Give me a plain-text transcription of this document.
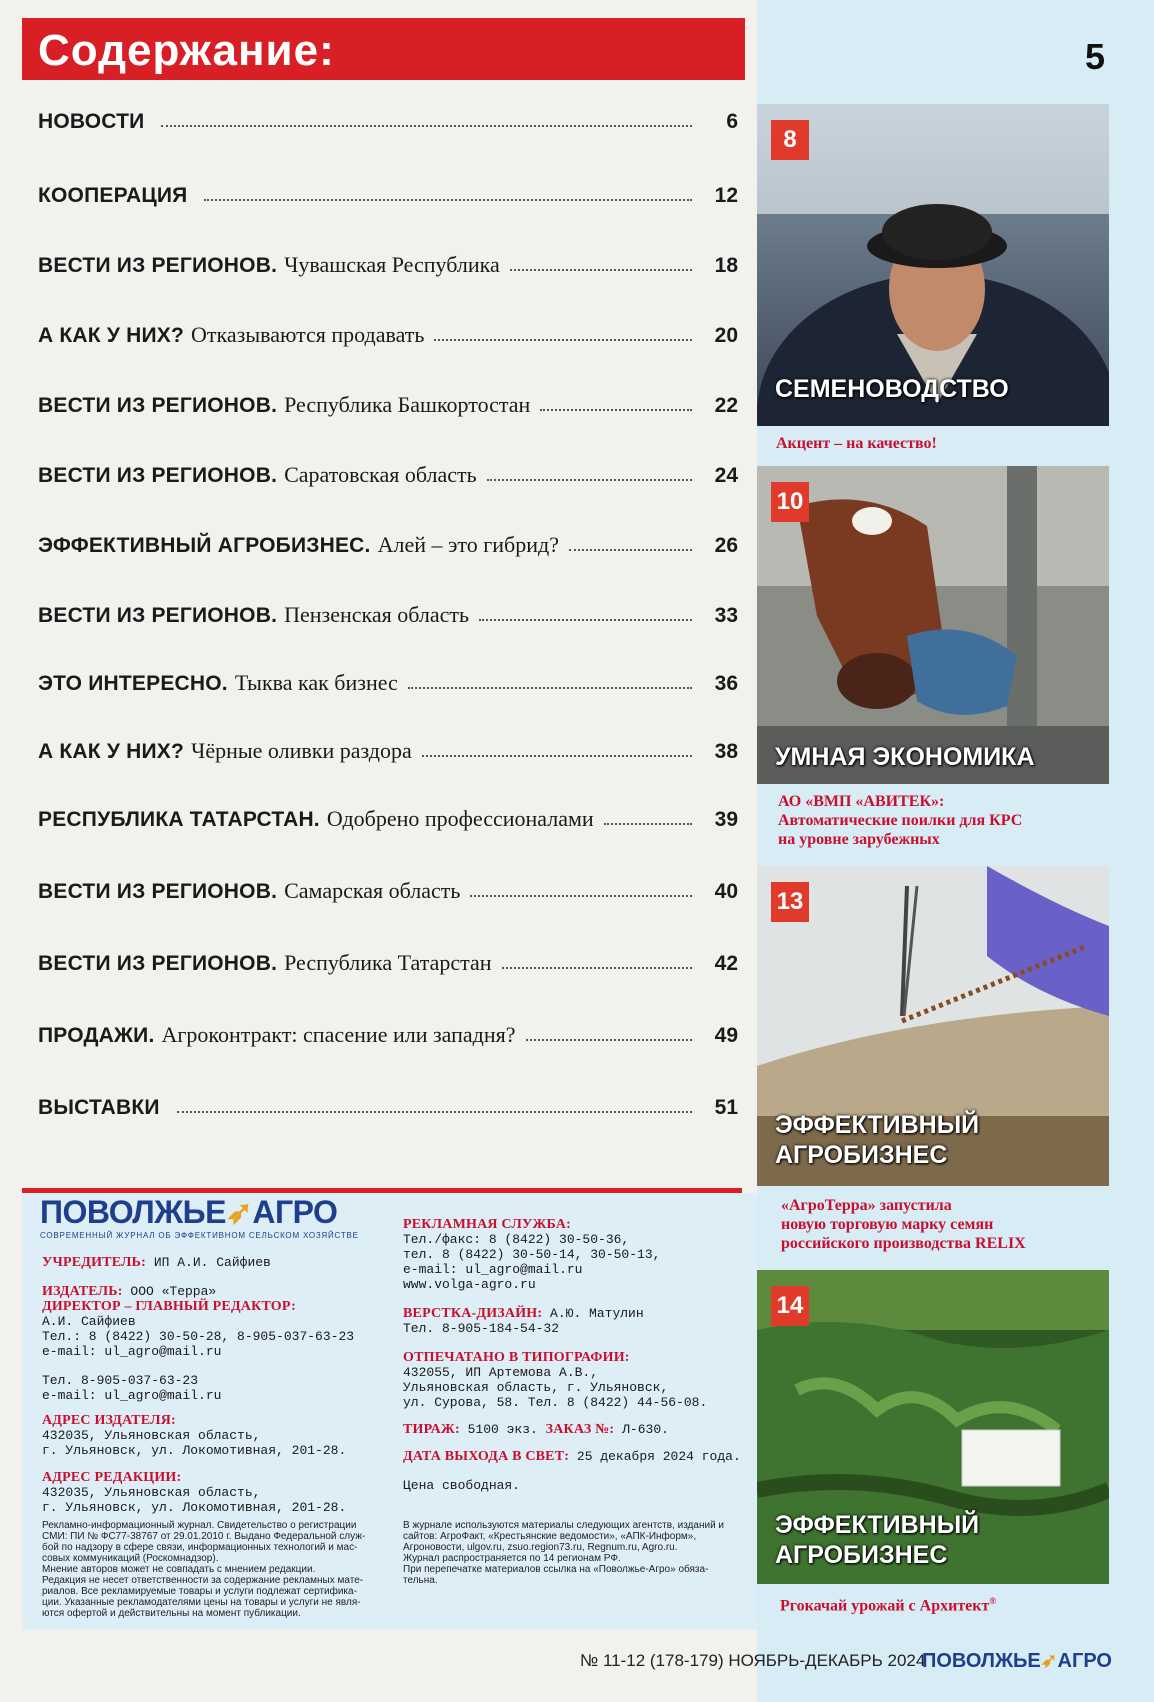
Содержание:	5
НОВОСТИ	6
КООПЕРАЦИЯ	12
ВЕСТИ ИЗ РЕГИОНОВ. Чувашская Республика	18
А КАК У НИХ? Отказываются продавать	20
ВЕСТИ ИЗ РЕГИОНОВ. Республика Башкортостан	22
ВЕСТИ ИЗ РЕГИОНОВ. Саратовская область	24
ЭФФЕКТИВНЫЙ АГРОБИЗНЕС. Алей – это гибрид?	26
ВЕСТИ ИЗ РЕГИОНОВ. Пензенская область	33
ЭТО ИНТЕРЕСНО. Тыква как бизнес	36
А КАК У НИХ? Чёрные оливки раздора	38
РЕСПУБЛИКА ТАТАРСТАН. Одобрено профессионалами	39
ВЕСТИ ИЗ РЕГИОНОВ. Самарская область	40
ВЕСТИ ИЗ РЕГИОНОВ. Республика Татарстан	42
ПРОДАЖИ. Агроконтракт: спасение или западня?	49
ВЫСТАВКИ	51
ПОВОЛЖЬЕ➶АГРО
СОВРЕМЕННЫЙ ЖУРНАЛ ОБ ЭФФЕКТИВНОМ СЕЛЬСКОМ ХОЗЯЙСТВЕ
УЧРЕДИТЕЛЬ: ИП А.И. Сайфиев
ИЗДАТЕЛЬ: ООО «Терра»
ДИРЕКТОР – ГЛАВНЫЙ РЕДАКТОР:
А.И. Сайфиев
Тел.: 8 (8422) 30-50-28, 8-905-037-63-23
e-mail: ul_agro@mail.ru
Тел. 8-905-037-63-23
e-mail: ul_agro@mail.ru
АДРЕС ИЗДАТЕЛЯ:
432035, Ульяновская область,
г. Ульяновск, ул. Локомотивная, 201-28.
АДРЕС РЕДАКЦИИ:
432035, Ульяновская область,
г. Ульяновск, ул. Локомотивная, 201-28.
РЕКЛАМНАЯ СЛУЖБА:
Тел./факс: 8 (8422) 30-50-36,
тел. 8 (8422) 30-50-14, 30-50-13,
e-mail: ul_agro@mail.ru
www.volga-agro.ru
ВЕРСТКА-ДИЗАЙН: А.Ю. Матулин
Тел. 8-905-184-54-32
ОТПЕЧАТАНО В ТИПОГРАФИИ:
432055, ИП Артемова А.В.,
Ульяновская область, г. Ульяновск,
ул. Сурова, 58. Тел. 8 (8422) 44-56-08.
ТИРАЖ: 5100 экз. ЗАКАЗ №: Л-630.
ДАТА ВЫХОДА В СВЕТ: 25 декабря 2024 года.
Цена свободная.
Рекламно-информационный журнал. Свидетельство о регистрации
СМИ: ПИ № ФС77-38767 от 29.01.2010 г. Выдано Федеральной служ-
бой по надзору в сфере связи, информационных технологий и мас-
совых коммуникаций (Роскомнадзор).
Мнение авторов может не совпадать с мнением редакции.
Редакция не несет ответственности за содержание рекламных мате-
риалов. Все рекламируемые товары и услуги подлежат сертифика-
ции. Указанные рекламодателями цены на товары и услуги не явля-
ются офертой и действительны на момент публикации.
В журнале используются материалы следующих агентств, изданий и
сайтов: АгроФакт, «Крестьянские ведомости», «АПК-Информ»,
Агроновости, ulgov.ru, zsuo.region73.ru, Regnum.ru, Agro.ru.
Журнал распространяется по 14 регионам РФ.
При перепечатке материалов ссылка на «Поволжье-Агро» обяза-
тельна.
№ 11-12 (178-179) НОЯБРЬ-ДЕКАБРЬ 2024
ПОВОЛЖЬЕ➶АГРО
8
СЕМЕНОВОДСТВО
Акцент – на качество!
10
УМНАЯ ЭКОНОМИКА
АО «ВМП «АВИТЕК»:
Автоматические поилки для КРС
на уровне зарубежных
13
ЭФФЕКТИВНЫЙ
АГРОБИЗНЕС
«АгроТерра» запустила
новую торговую марку семян
российского производства RELIX
14
ЭФФЕКТИВНЫЙ
АГРОБИЗНЕС
Ргокачай урожай с Архитект®
